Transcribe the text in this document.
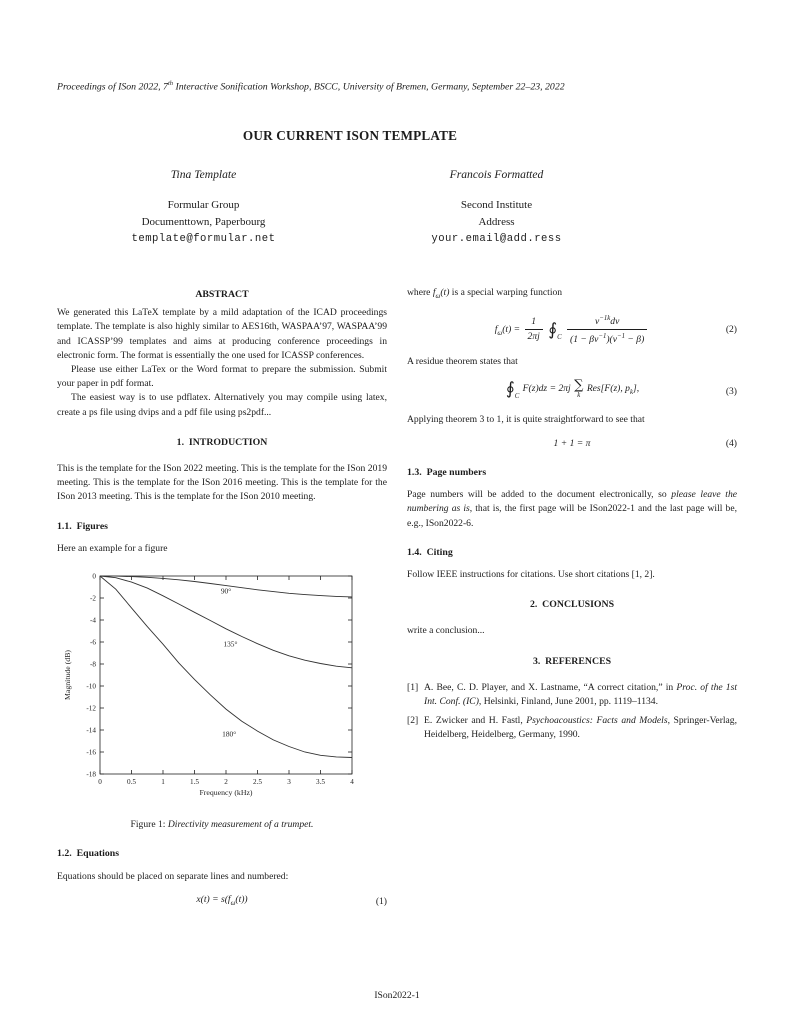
Proceedings of ISon 2022, 7th Interactive Sonification Workshop, BSCC, University of Bremen, Germany, September 22–23, 2022
OUR CURRENT ISON TEMPLATE
Tina Template
Formular Group
Documenttown, Paperbourg
template@formular.net
Francois Formatted
Second Institute
Address
your.email@add.ress
ABSTRACT

We generated this LaTeX template by a mild adaptation of the ICAD proceedings template. The template is also highly similar to AES16th, WASPAA’97, WASPAA’99 and ICASSP’99 templates and aims at producing conference proceedings in electronic form. The format is essentially the one used for ICASSP conferences.

Please use either LaTex or the Word format to prepare the submission. Submit your paper in pdf format.

The easiest way is to use pdflatex. Alternatively you may compile using latex, create a ps file using dvips and a pdf file using ps2pdf...

1.  INTRODUCTION

This is the template for the ISon 2022 meeting. This is the template for the ISon 2019 meeting. This is the template for the ISon 2016 meeting. This is the template for the ISon 2013 meeting. This is the template for the ISon 2010 meeting.

1.1.  Figures

Here an example for a figure

0	0.5	1	1.5	2	2.5	3	3.5	4
0
-2
-4
-6
-8
-10
-12
-14
-16
-18
Frequency (kHz)
Magnitude (dB)
90°
135°
180°
Figure 1: Directivity measurement of a trumpet.
1.2.  Equations

Equations should be placed on separate lines and numbered:

$x(t) = s(f_\omega(t))$	(1)

where $f_\omega(t)$ is a special warping function

$f_\omega(t) = \frac{1}{2\pi j}$ $∮_C \frac{\nu^{-1k}d\nu}{(1 - \beta\nu^{-1})(\nu^{-1} - \beta)}$	(2)

A residue theorem states that

$∮_C$ F(z)dz = 2πj ∑
k
Res[F(z), $p_k$],	(3)

Applying theorem 3 to 1, it is quite straightforward to see that

1 + 1 = π	(4)
1.3.  Page numbers

Page numbers will be added to the document electronically, so please leave the numbering as is, that is, the first page will be ISon2022-1 and the last page will be, e.g., ISon2022-6.

1.4.  Citing

Follow IEEE instructions for citations. Use short citations [1, 2].

2.  CONCLUSIONS

write a conclusion...

3.  REFERENCES
[1] A. Bee, C. D. Player, and X. Lastname, “A correct citation,” in Proc. of the 1st Int. Conf. (IC), Helsinki, Finland, June 2001, pp. 1119–1134.
[2] E. Zwicker and H. Fastl, Psychoacoustics: Facts and Models, Springer-Verlag, Heidelberg, Heidelberg, Germany, 1990.
ISon2022-1
